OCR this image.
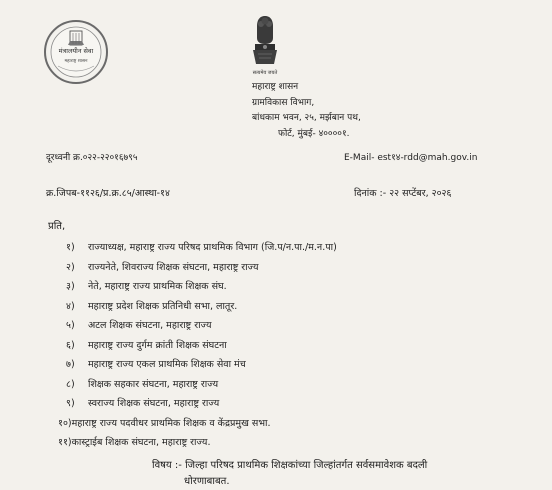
मंत्रालयीन सेवा
महाराष्ट्र शासन
सत्यमेव जयते
महाराष्ट्र शासन
ग्रामविकास विभाग,
बांधकाम भवन, २५, मर्झबान पथ,
फोर्ट, मुंबई- ४००००१.
दूरध्वनी क्र.०२२-२२०१६७९५	E-Mail- est१४-rdd@mah.gov.in
क्र.जिपब-११२६/प्र.क्र.८५/आस्था-१४	दिनांक :- २२ सप्टेंबर, २०२६
प्रति,
१) राज्याध्यक्ष, महाराष्ट्र राज्य परिषद प्राथमिक विभाग (जि.प/न.पा./म.न.पा)
२) राज्यनेते, शिवराज्य शिक्षक संघटना, महाराष्ट्र राज्य
३) नेते, महाराष्ट्र राज्य प्राथमिक शिक्षक संघ.
४) महाराष्ट्र प्रदेश शिक्षक प्रतिनिधी सभा, लातूर.
५) अटल शिक्षक संघटना, महाराष्ट्र राज्य
६) महाराष्ट्र राज्य दुर्गम क्रांती शिक्षक संघटना
७) महाराष्ट्र राज्य एकल प्राथमिक शिक्षक सेवा मंच
८) शिक्षक सहकार संघटना, महाराष्ट्र राज्य
९) स्वराज्य शिक्षक संघटना, महाराष्ट्र राज्य
१०)महाराष्ट्र राज्य पदवीधर प्राथमिक शिक्षक व केंद्रप्रमुख सभा.
११)कास्ट्राईब शिक्षक संघटना, महाराष्ट्र राज्य.
विषय :- जिल्हा परिषद प्राथमिक शिक्षकांच्या जिल्हांतर्गत सर्वसमावेशक बदली
धोरणाबाबत.
